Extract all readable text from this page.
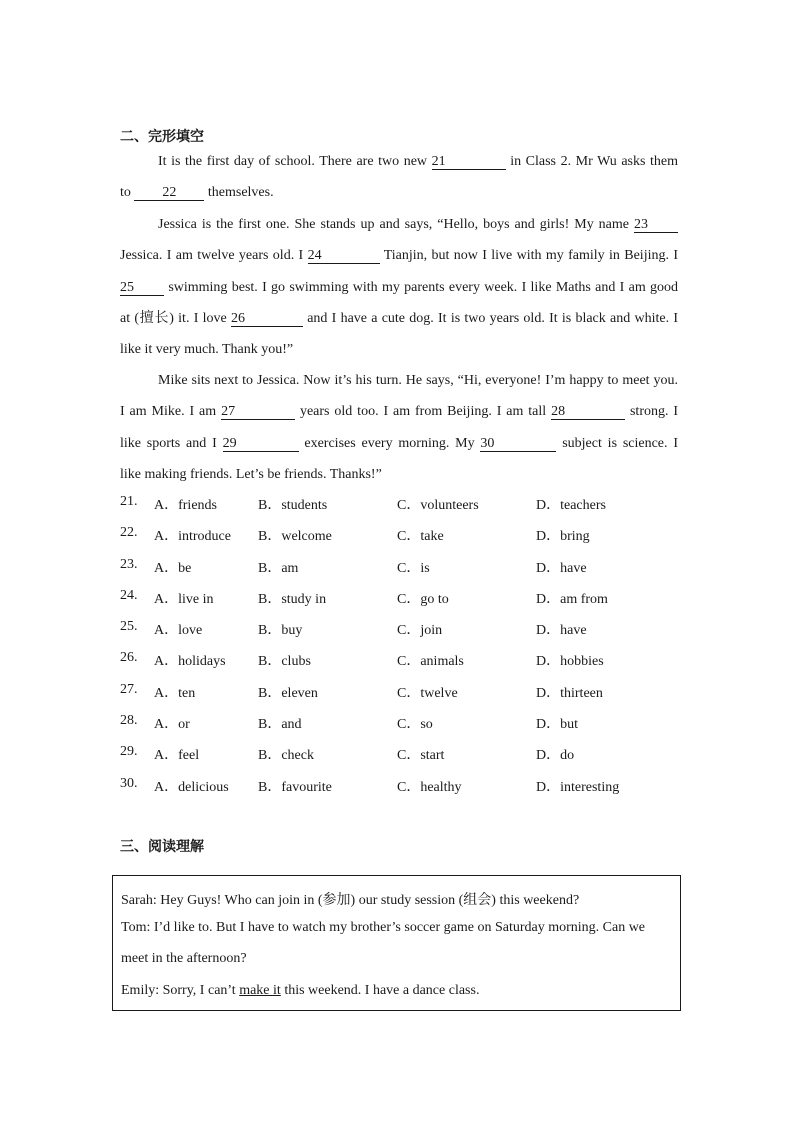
二、完形填空
It is the first day of school. There are two new 21	in Class 2. Mr Wu asks them
to 22 themselves.
Jessica is the first one. She stands up and says, “Hello, boys and girls! My name 23
Jessica. I am twelve years old. I 24	Tianjin, but now I live with my family in Beijing. I
25 swimming best. I go swimming with my parents every week. I like Maths and I am good
at (擅长) it. I love 26	and I have a cute dog. It is two years old. It is black and white. I
like it very much. Thank you!”
Mike sits next to Jessica. Now it’s his turn. He says, “Hi, everyone! I’m happy to meet you.
I am Mike. I am 27	years old too. I am from Beijing. I am tall 28	strong. I
like sports and I 29	exercises every morning. My 30	subject is science. I
like making friends. Let’s be friends. Thanks!”
21. A．friends	B．students	C．volunteers	D．teachers
22. A．introduce B．welcome	C．take	D．bring
23. A．be	B．am	C．is	D．have
24. A．live in	B．study in	C．go to	D．am from
25. A．love	B．buy	C．join	D．have
26. A．holidays B．clubs	C．animals	D．hobbies
27. A．ten	B．eleven	C．twelve	D．thirteen
28. A．or	B．and	C．so	D．but
29. A．feel	B．check	C．start	D．do
30. A．delicious B．favourite	C．healthy	D．interesting
三、阅读理解
Sarah: Hey Guys! Who can join in (参加) our study session (组会) this weekend?
Tom: I’d like to. But I have to watch my brother’s soccer game on Saturday morning. Can we
meet in the afternoon?
Emily: Sorry, I can’t make it this weekend. I have a dance class.
